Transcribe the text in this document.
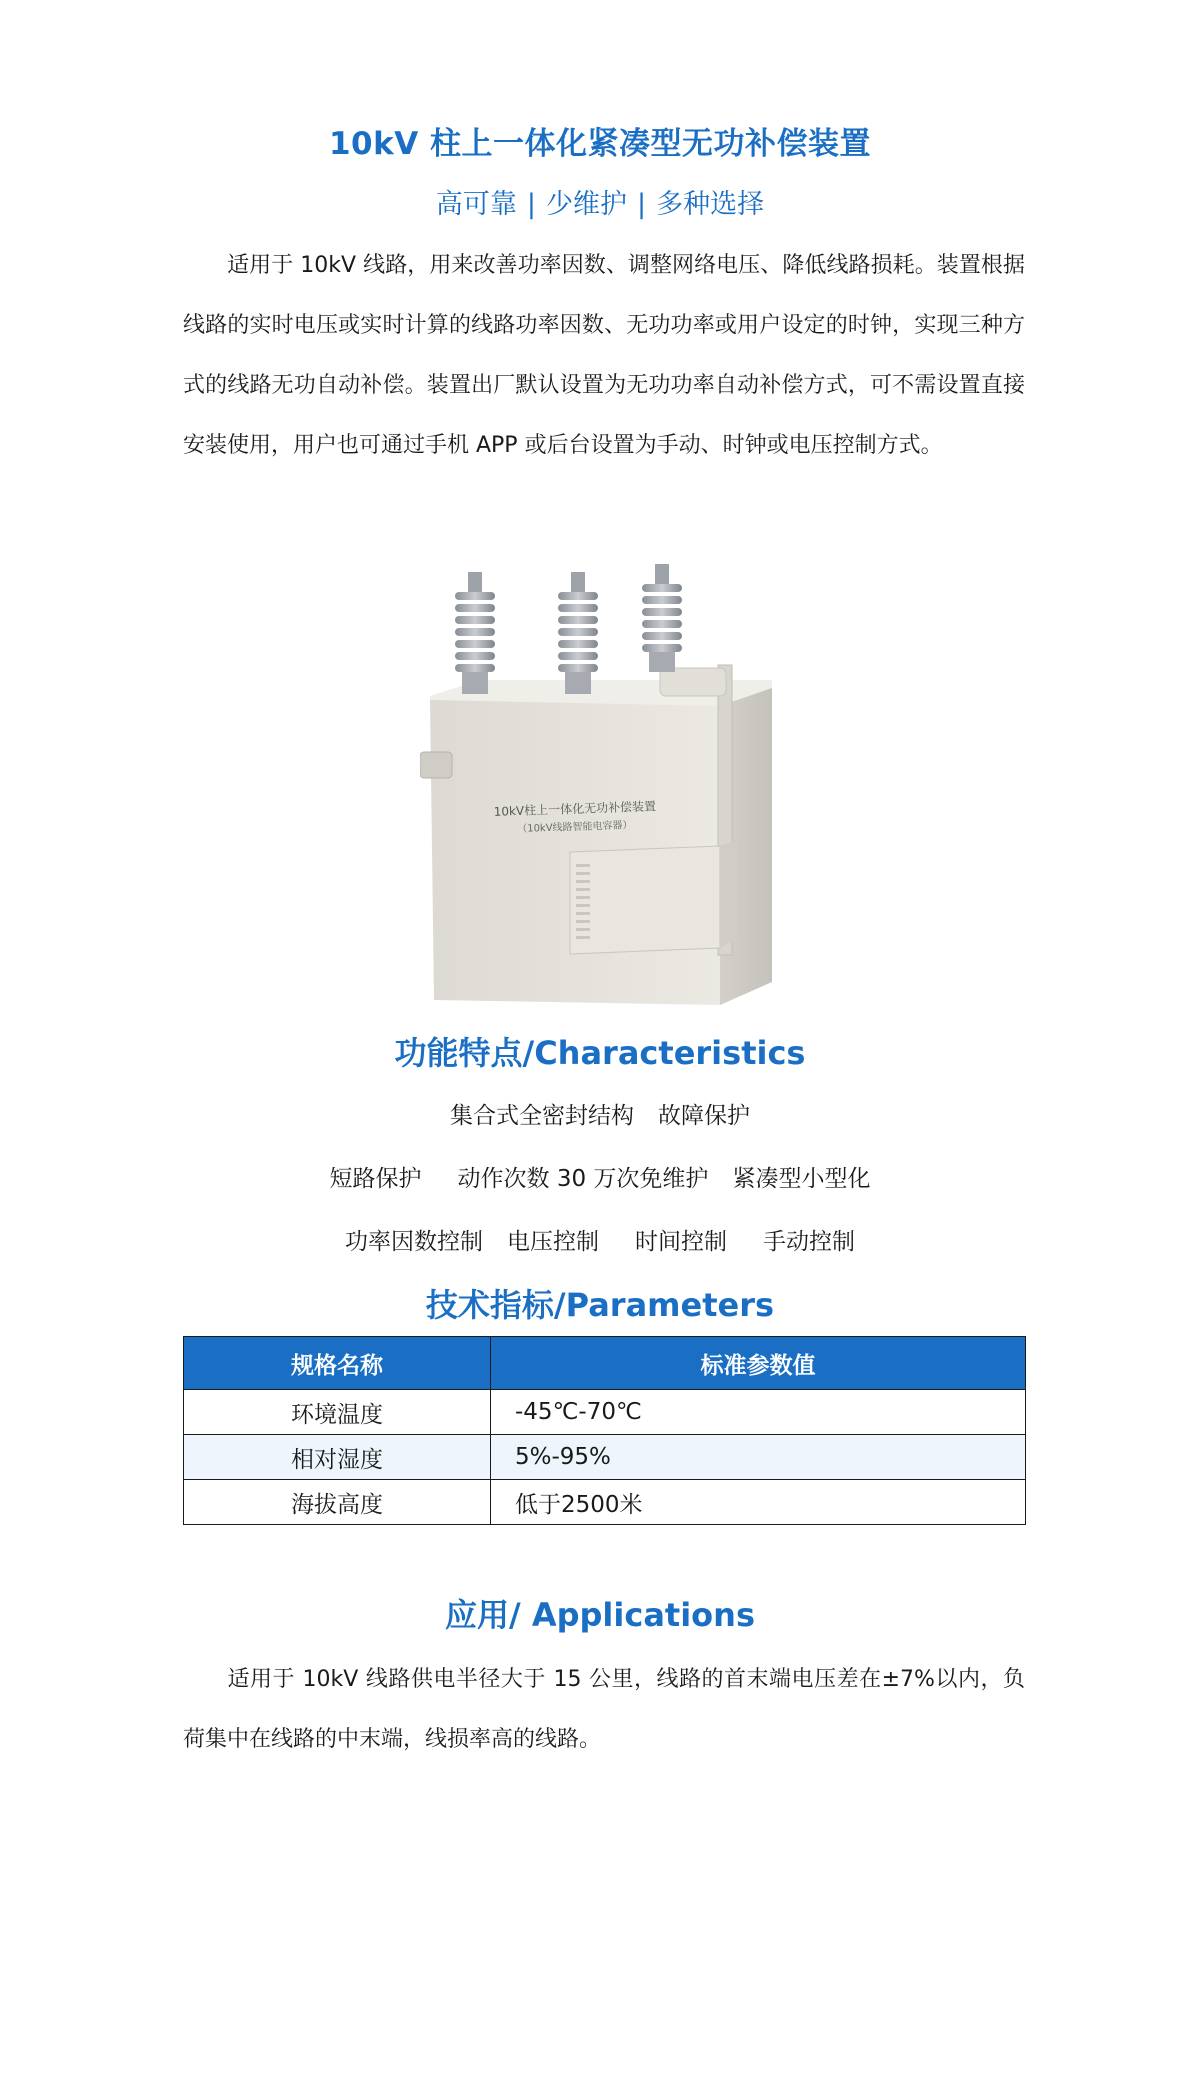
10kV 柱上一体化紧凑型无功补偿装置
高可靠 | 少维护 | 多种选择

适用于 10kV 线路，用来改善功率因数、调整网络电压、降低线路损耗。装置根据线路的实时电压或实时计算的线路功率因数、无功功率或用户设定的时钟，实现三种方式的线路无功自动补偿。装置出厂默认设置为无功功率自动补偿方式，可不需设置直接安装使用，用户也可通过手机 APP 或后台设置为手动、时钟或电压控制方式。

10kV柱上一体化无功补偿装置
（10kV线路智能电容器）
功能特点/Characteristics
集合式全密封结构 故障保护
短路保护 动作次数 30 万次免维护 紧凑型小型化
功率因数控制 电压控制 时间控制 手动控制
技术指标/Parameters
规格名称	标准参数值
环境温度	-45℃-70℃
相对湿度	5%-95%
海拔高度	低于2500米
应用/ Applications

适用于 10kV 线路供电半径大于 15 公里，线路的首末端电压差在±7%以内，负荷集中在线路的中末端，线损率高的线路。
